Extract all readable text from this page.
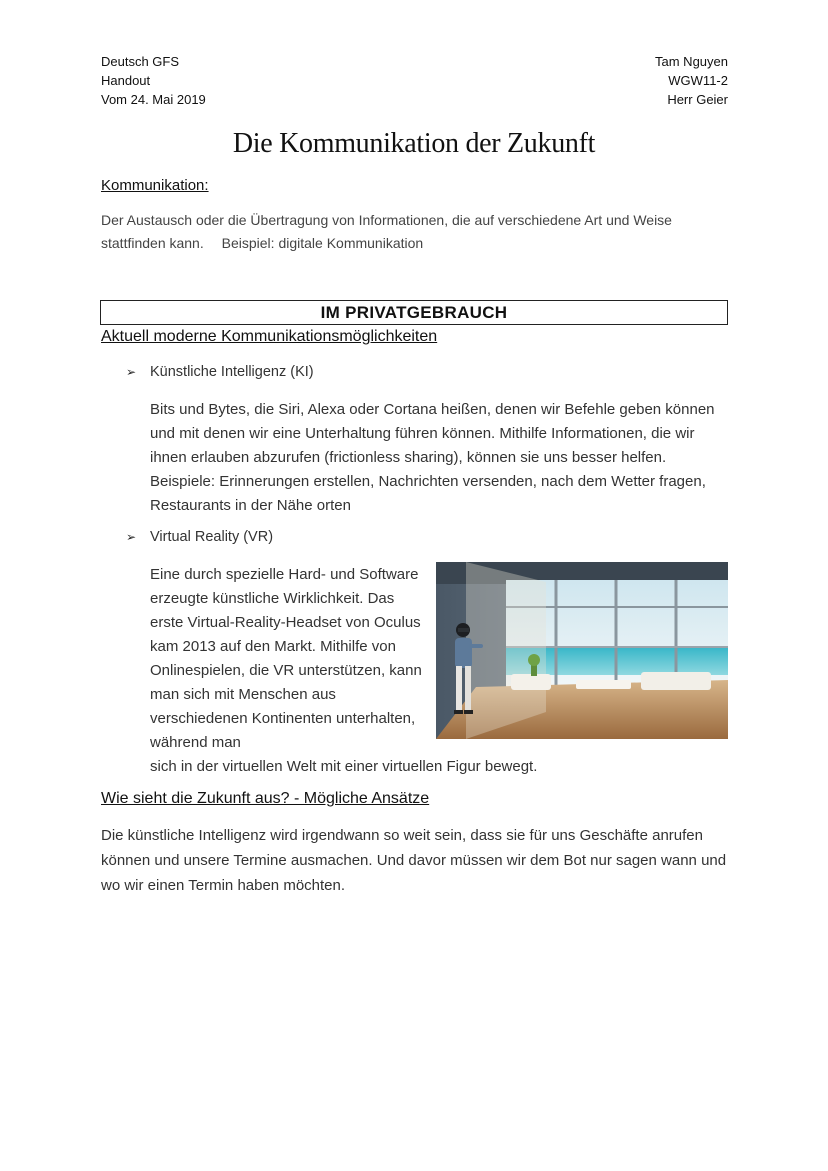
Deutsch GFS
Handout
Vom 24. Mai 2019
Tam Nguyen
WGW11-2
Herr Geier
Die Kommunikation der Zukunft
Kommunikation:

Der Austausch oder die Übertragung von Informationen, die auf verschiedene Art und Weise stattfinden kann. Beispiel: digitale Kommunikation

IM PRIVATGEBRAUCH
Aktuell moderne Kommunikationsmöglichkeiten
➢ Künstliche Intelligenz (KI)

Bits und Bytes, die Siri, Alexa oder Cortana heißen, denen wir Befehle geben können und mit denen wir eine Unterhaltung führen können. Mithilfe Informationen, die wir ihnen erlauben abzurufen (frictionless sharing), können sie uns besser helfen. Beispiele: Erinnerungen erstellen, Nachrichten versenden, nach dem Wetter fragen, Restaurants in der Nähe orten

➢ Virtual Reality (VR)

Eine durch spezielle Hard- und Software erzeugte künstliche Wirklichkeit. Das erste Virtual-Reality-Headset von Oculus kam 2013 auf den Markt. Mithilfe von Onlinespielen, die VR unterstützen, kann man sich mit Menschen aus verschiedenen Kontinenten unterhalten, während man

sich in der virtuellen Welt mit einer virtuellen Figur bewegt.

Wie sieht die Zukunft aus? - Mögliche Ansätze

Die künstliche Intelligenz wird irgendwann so weit sein, dass sie für uns Geschäfte anrufen können und unsere Termine ausmachen. Und davor müssen wir dem Bot nur sagen wann und wo wir einen Termin haben möchten.
